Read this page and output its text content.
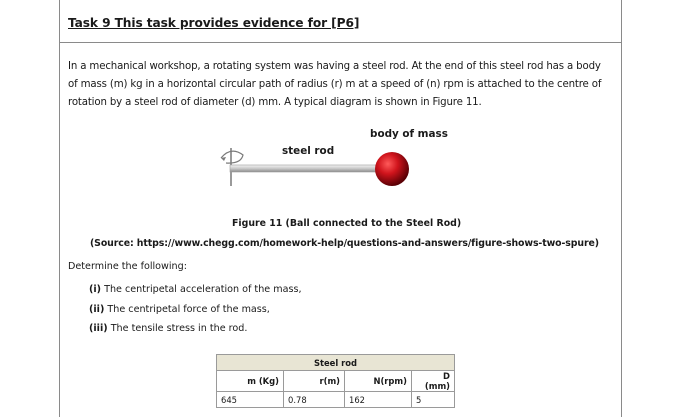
Task 9 This task provides evidence for [P6]
In a mechanical workshop, a rotating system was having a steel rod. At the end of this steel rod has a body of mass (m) kg in a horizontal circular path of radius (r) m at a speed of (n) rpm is attached to the centre of rotation by a steel rod of diameter (d) mm. A typical diagram is shown in Figure 11.
body of mass
steel rod
Figure 11 (Ball connected to the Steel Rod)
(Source: https://www.chegg.com/homework-help/questions-and-answers/figure-shows-two-spure)
Determine the following:
(i) The centripetal acceleration of the mass,
(ii) The centripetal force of the mass,
(iii) The tensile stress in the rod.
Steel rod			
m (Kg)	r(m)	N(rpm)	D (mm)
645	0.78	162	5
